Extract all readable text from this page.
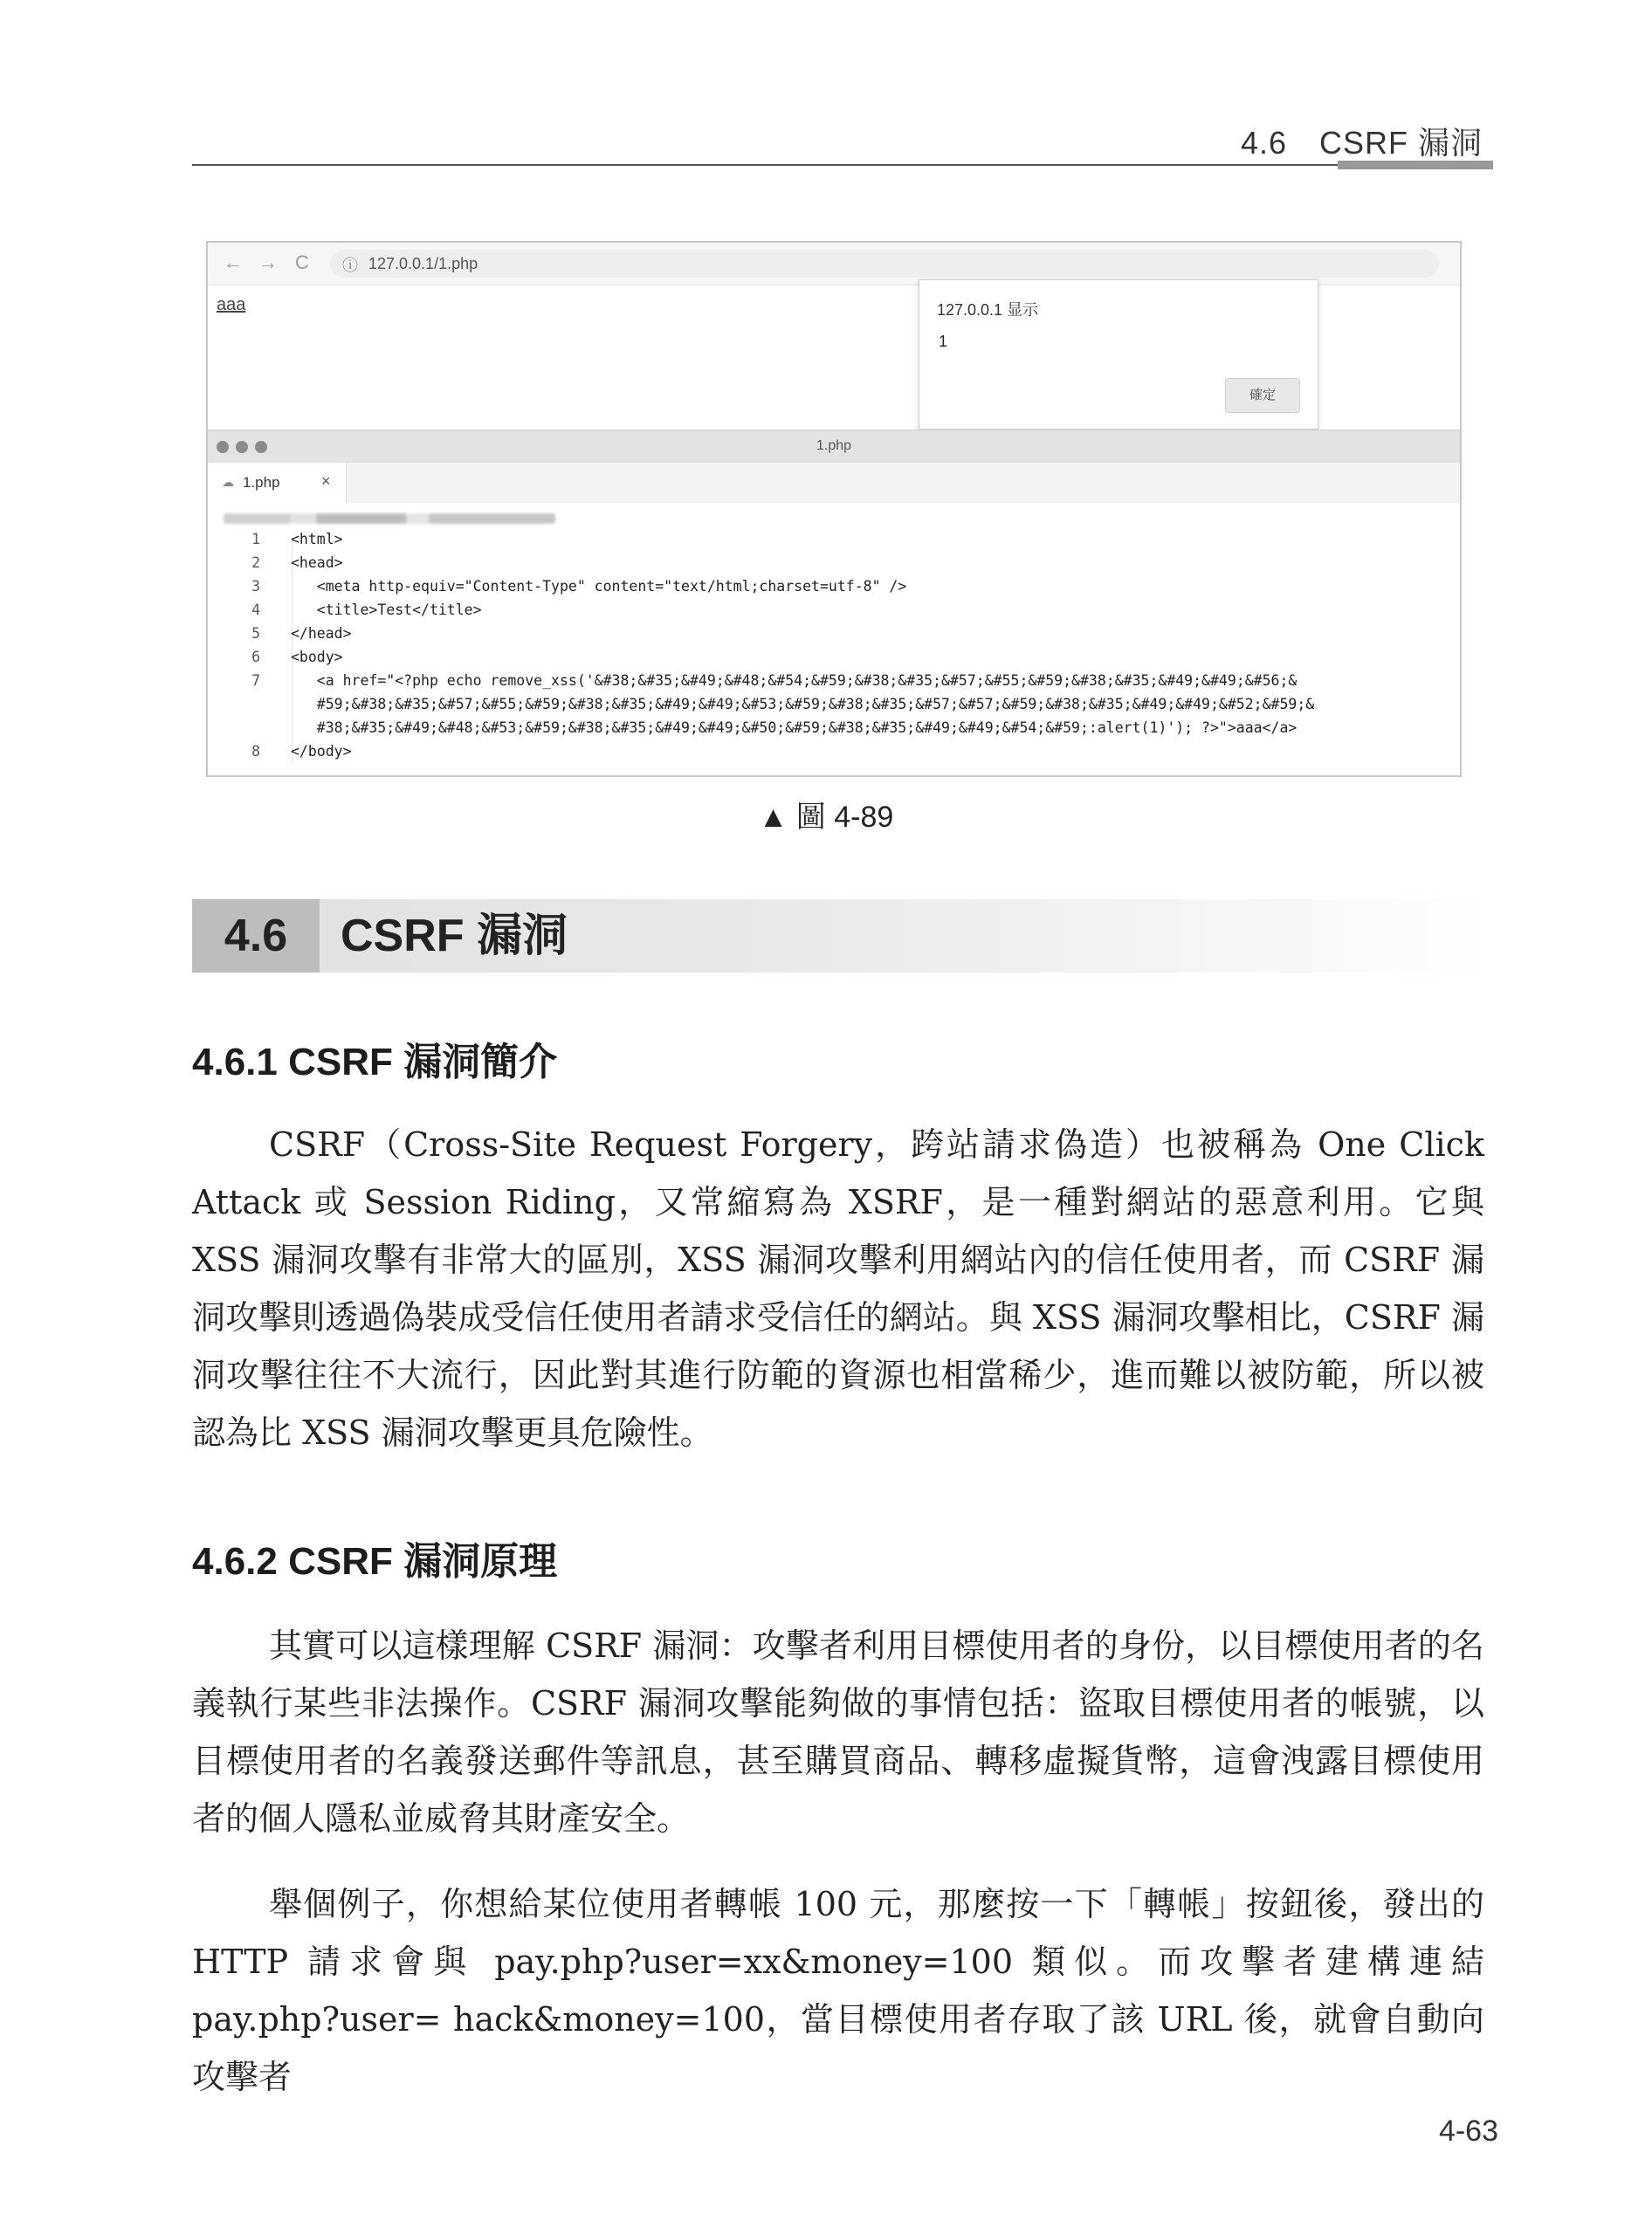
4.6　CSRF 漏洞
← → C ⓘ 127.0.0.1/1.php
aaa	127.0.0.1 显示
1
確定
1.php
☁ 1.php	×
1 <html>
2 <head>
3 <meta http-equiv="Content-Type" content="text/html;charset=utf-8" />
4 <title>Test</title>
5 </head>
6 <body>
7 <a href="<?php echo remove_xss('&#38;&#35;&#49;&#48;&#54;&#59;&#38;&#35;&#57;&#55;&#59;&#38;&#35;&#49;&#49;&#56;&
#59;&#38;&#35;&#57;&#55;&#59;&#38;&#35;&#49;&#49;&#53;&#59;&#38;&#35;&#57;&#57;&#59;&#38;&#35;&#49;&#49;&#52;&#59;&
#38;&#35;&#49;&#48;&#53;&#59;&#38;&#35;&#49;&#49;&#50;&#59;&#38;&#35;&#49;&#49;&#54;&#59;:alert(1)'); ?>">aaa</a>
8 </body>
▲ 圖 4-89
4.6	CSRF 漏洞
4.6.1 CSRF 漏洞簡介

CSRF（Cross-Site Request Forgery，跨站請求偽造）也被稱為 One Click Attack 或 Session Riding，又常縮寫為 XSRF，是一種對網站的惡意利用。它與 XSS 漏洞攻擊有非常大的區別，XSS 漏洞攻擊利用網站內的信任使用者，而 CSRF 漏洞攻擊則透過偽裝成受信任使用者請求受信任的網站。與 XSS 漏洞攻擊相比，CSRF 漏洞攻擊往往不大流行，因此對其進行防範的資源也相當稀少，進而難以被防範，所以被認為比 XSS 漏洞攻擊更具危險性。

4.6.2 CSRF 漏洞原理

其實可以這樣理解 CSRF 漏洞：攻擊者利用目標使用者的身份，以目標使用者的名義執行某些非法操作。CSRF 漏洞攻擊能夠做的事情包括：盜取目標使用者的帳號，以目標使用者的名義發送郵件等訊息，甚至購買商品、轉移虛擬貨幣，這會洩露目標使用者的個人隱私並威脅其財產安全。

舉個例子，你想給某位使用者轉帳 100 元，那麼按一下「轉帳」按鈕後，發出的 HTTP 請求會與 pay.php?user=xx&money=100 類似。而攻擊者建構連結 pay.php?user= hack&money=100，當目標使用者存取了該 URL 後，就會自動向攻擊者

4-63
